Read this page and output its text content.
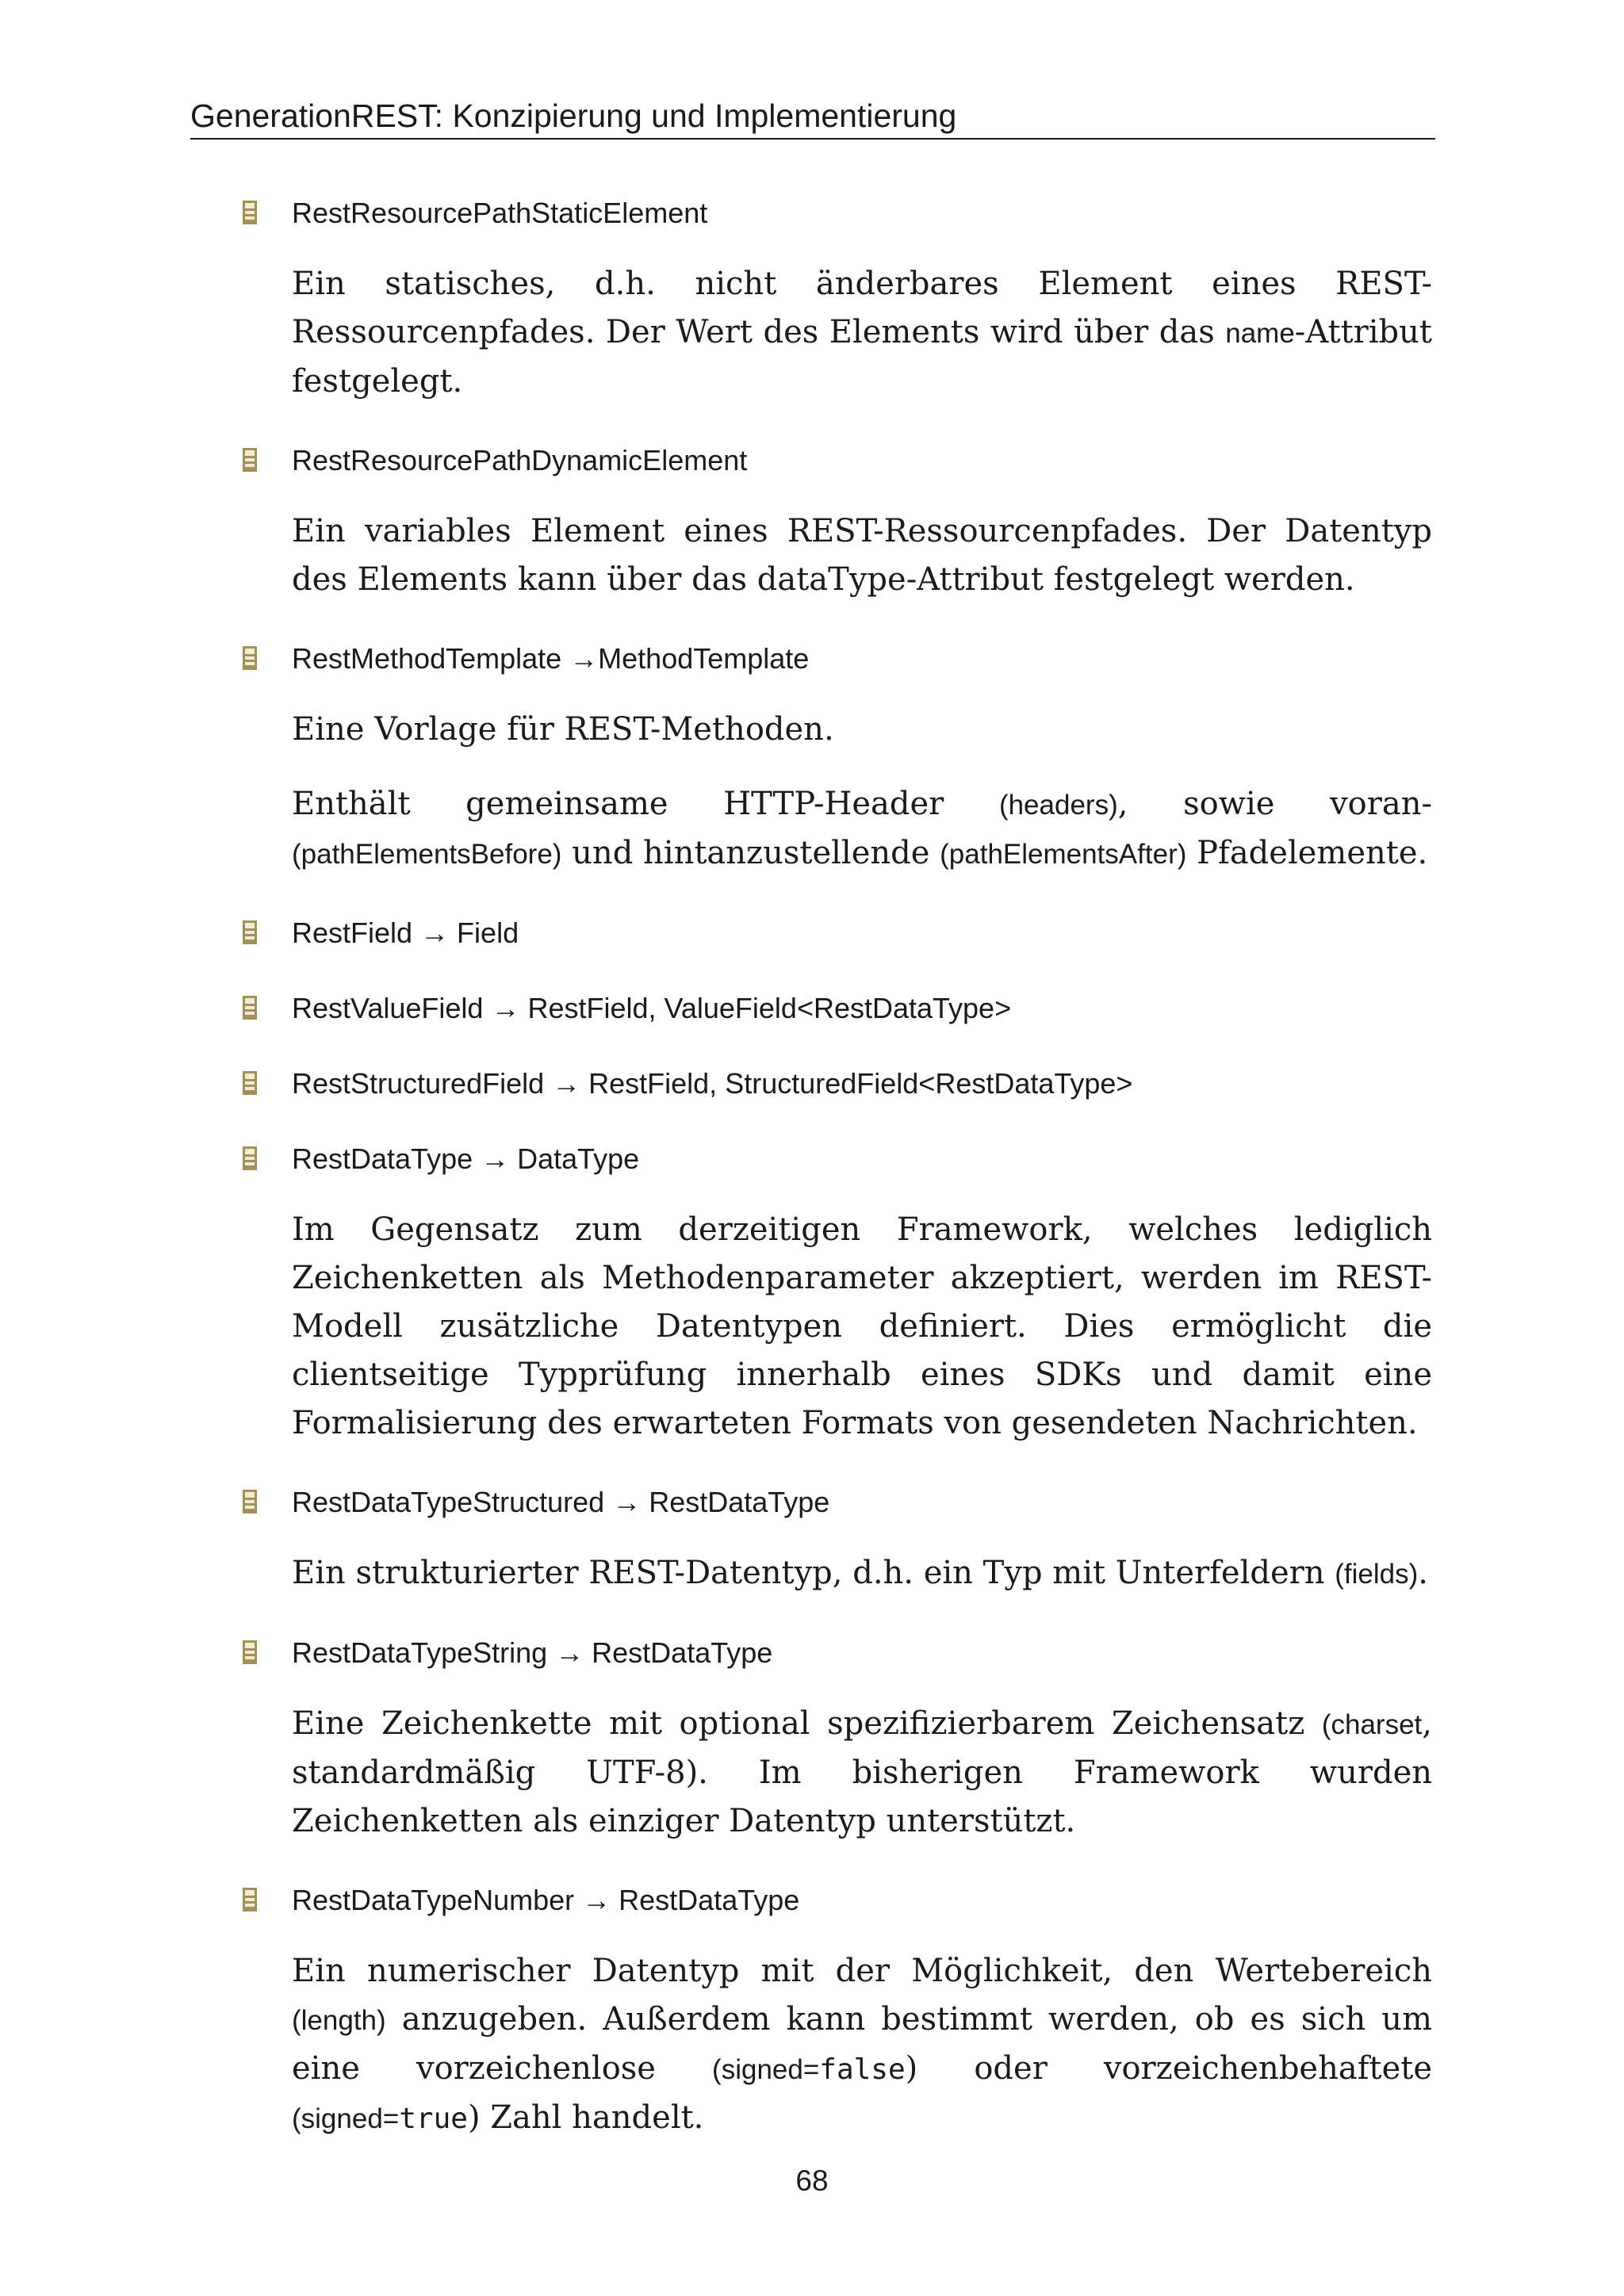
GenerationREST: Konzipierung und Implementierung
RestResourcePathStaticElement

Ein statisches, d.h. nicht änderbares Element eines REST-Ressourcenpfades. Der Wert des Elements wird über das name-Attribut festgelegt.

RestResourcePathDynamicElement

Ein variables Element eines REST-Ressourcenpfades. Der Datentyp des Elements kann über das dataType-Attribut festgelegt werden.

RestMethodTemplate →MethodTemplate

Eine Vorlage für REST-Methoden.

Enthält gemeinsame HTTP-Header (headers), sowie voran- (pathElementsBefore) und hintanzustellende (pathElementsAfter) Pfadelemente.

RestField → Field
RestValueField → RestField, ValueField<RestDataType>
RestStructuredField → RestField, StructuredField<RestDataType>
RestDataType → DataType

Im Gegensatz zum derzeitigen Framework, welches lediglich Zeichenketten als Methodenparameter akzeptiert, werden im REST-Modell zusätzliche Datentypen definiert. Dies ermöglicht die clientseitige Typprüfung innerhalb eines SDKs und damit eine Formalisierung des erwarteten Formats von gesendeten Nachrichten.

RestDataTypeStructured → RestDataType

Ein strukturierter REST-Datentyp, d.h. ein Typ mit Unterfeldern (fields).

RestDataTypeString → RestDataType

Eine Zeichenkette mit optional spezifizierbarem Zeichensatz (charset, standardmäßig UTF-8). Im bisherigen Framework wurden Zeichenketten als einziger Datentyp unterstützt.

RestDataTypeNumber → RestDataType

Ein numerischer Datentyp mit der Möglichkeit, den Wertebereich (length) anzugeben. Außerdem kann bestimmt werden, ob es sich um eine vorzeichenlose (signed=false) oder vorzeichenbehaftete (signed=true) Zahl handelt.

68
